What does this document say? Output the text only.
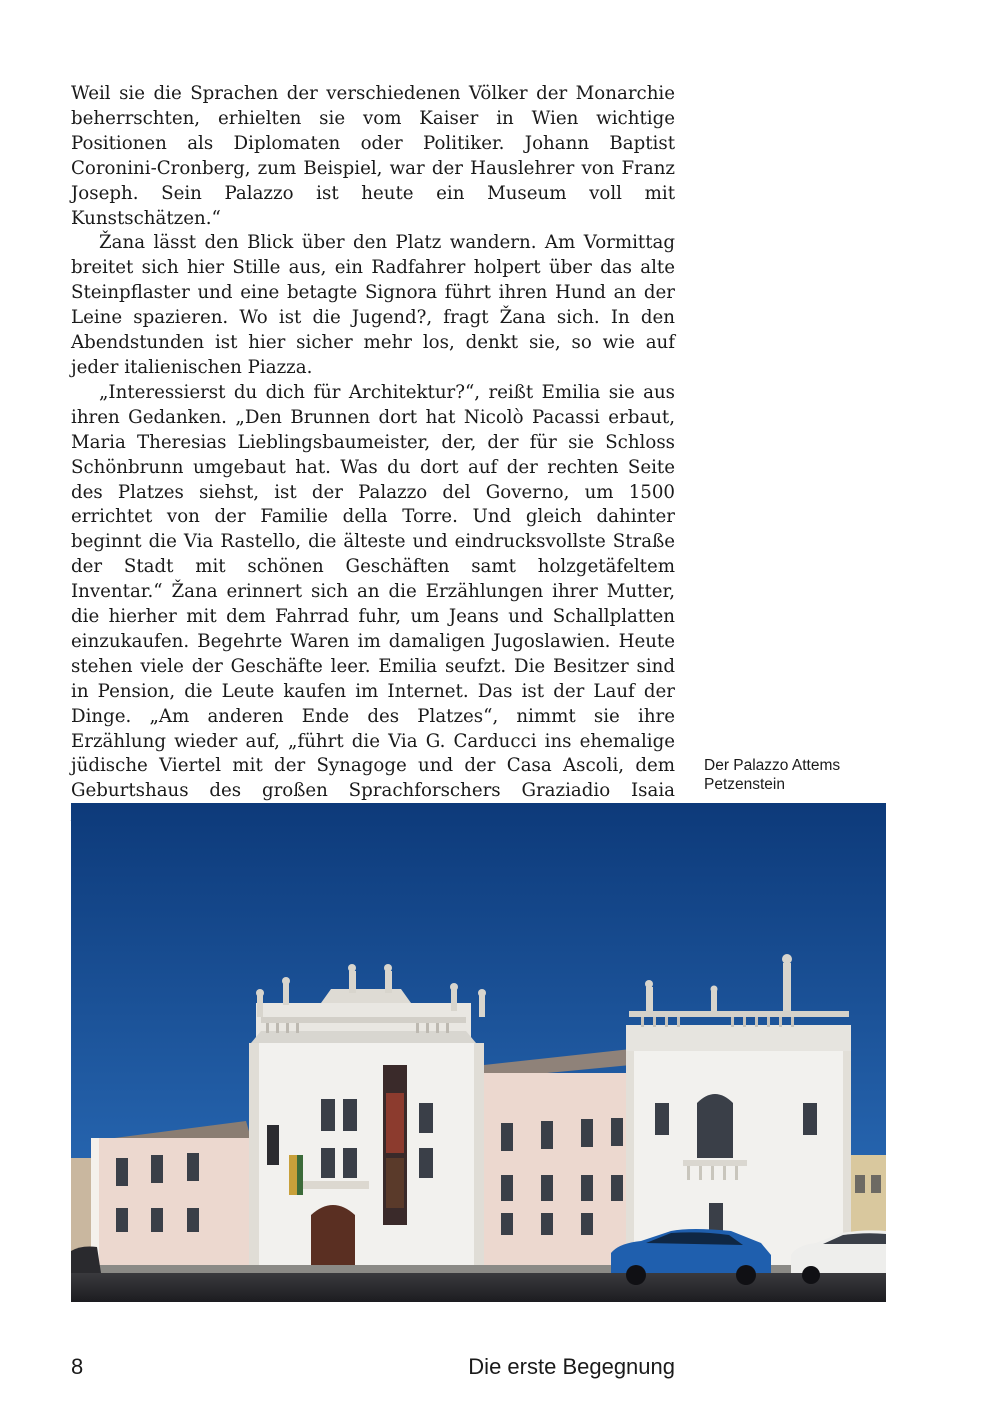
Weil sie die Sprachen der verschiedenen Völker der Monarchie beherrschten, erhielten sie vom Kaiser in Wien wichtige Positionen als Diplomaten oder Politiker. Johann Baptist Coronini-Cronberg, zum Beispiel, war der Hauslehrer von Franz Joseph. Sein Palazzo ist heute ein Museum voll mit Kunstschätzen.“

Žana lässt den Blick über den Platz wandern. Am Vormittag breitet sich hier Stille aus, ein Radfahrer holpert über das alte Steinpflaster und eine betagte Signora führt ihren Hund an der Leine spazieren. Wo ist die Jugend?, fragt Žana sich. In den Abendstunden ist hier sicher mehr los, denkt sie, so wie auf jeder italienischen Piazza.

„Interessierst du dich für Architektur?“, reißt Emilia sie aus ihren Gedanken. „Den Brunnen dort hat Nicolò Pacassi erbaut, Maria Theresias Lieblingsbaumeister, der, der für sie Schloss Schönbrunn umgebaut hat. Was du dort auf der rechten Seite des Platzes siehst, ist der Palazzo del Governo, um 1500 errichtet von der Familie della Torre. Und gleich dahinter beginnt die Via Rastello, die älteste und eindrucksvollste Straße der Stadt mit schönen Geschäften samt holzgetäfeltem Inventar.“ Žana erinnert sich an die Erzählungen ihrer Mutter, die hierher mit dem Fahrrad fuhr, um Jeans und Schallplatten einzukaufen. Begehrte Waren im damaligen Jugoslawien. Heute stehen viele der Geschäfte leer. Emilia seufzt. Die Besitzer sind in Pension, die Leute kaufen im Internet. Das ist der Lauf der Dinge. „Am anderen Ende des Platzes“, nimmt sie ihre Erzählung wieder auf, „führt die Via G. Carducci ins ehemalige jüdische Viertel mit der Synagoge und der Casa Ascoli, dem Geburtshaus des großen Sprachforschers Graziadio Isaia

Der Palazzo Attems
Petzenstein
8	Die erste Begegnung
